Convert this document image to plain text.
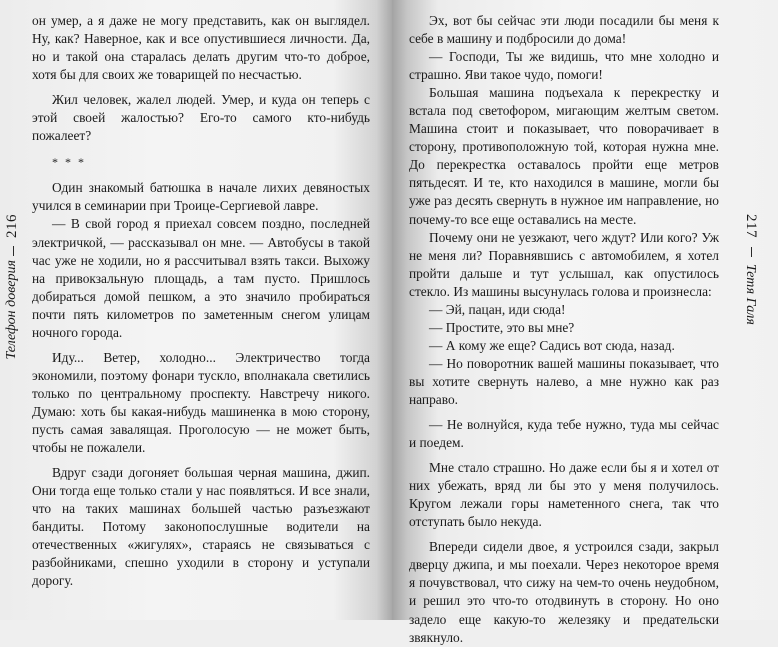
216
Телефон доверия

он умер, а я даже не могу представить, как он выглядел. Ну, как? Наверное, как и все опустившиеся личности. Да, но и такой она старалась делать другим что-то доброе, хотя бы для своих же товарищей по несчастью.

Жил человек, жалел людей. Умер, и куда он теперь с этой своей жалостью? Его-то самого кто-нибудь пожалеет?

* * *

Один знакомый батюшка в начале лихих девяностых учился в семинарии при Троице-Сергиевой лавре.

— В свой город я приехал совсем поздно, последней электричкой, — рассказывал он мне. — Автобусы в такой час уже не ходили, но я рассчитывал взять такси. Выхожу на привокзальную площадь, а там пусто. Пришлось добираться домой пешком, а это значило пробираться почти пять километров по заметенным снегом улицам ночного города.

Иду... Ветер, холодно... Электричество тогда экономили, поэтому фонари тускло, вполнакала светились только по центральному проспекту. Навстречу никого. Думаю: хоть бы какая-нибудь машиненка в мою сторону, пусть самая завалящая. Проголосую — не может быть, чтобы не пожалели.

Вдруг сзади догоняет большая черная машина, джип. Они тогда еще только стали у нас появляться. И все знали, что на таких машинах большей частью разъезжают бандиты. Потому законопослушные водители на отечественных «жигулях», стараясь не связываться с разбойниками, спешно уходили в сторону и уступали дорогу.

Эх, вот бы сейчас эти люди посадили бы меня к себе в машину и подбросили до дома!

— Господи, Ты же видишь, что мне холодно и страшно. Яви такое чудо, помоги!

Большая машина подъехала к перекрестку и встала под светофором, мигающим желтым светом. Машина стоит и показывает, что поворачивает в сторону, противоположную той, которая нужна мне. До перекрестка оставалось пройти еще метров пятьдесят. И те, кто находился в машине, могли бы уже раз десять свернуть в нужное им направление, но почему-то все еще оставались на месте.

Почему они не уезжают, чего ждут? Или кого? Уж не меня ли? Поравнявшись с автомобилем, я хотел пройти дальше и тут услышал, как опустилось стекло. Из машины высунулась голова и произнесла:

— Эй, пацан, иди сюда!

— Простите, это вы мне?

— А кому же еще? Садись вот сюда, назад.

— Но поворотник вашей машины показывает, что вы хотите свернуть налево, а мне нужно как раз направо.

— Не волнуйся, куда тебе нужно, туда мы сейчас и поедем.

Мне стало страшно. Но даже если бы я и хотел от них убежать, вряд ли бы это у меня получилось. Кругом лежали горы наметенного снега, так что отступать было некуда.

Впереди сидели двое, я устроился сзади, закрыл дверцу джипа, и мы поехали. Через некоторое время я почувствовал, что сижу на чем-то очень неудобном, и решил это что-то отодвинуть в сторону. Но оно задело еще какую-то железяку и предательски звякнуло.

217
Тетя Галя
